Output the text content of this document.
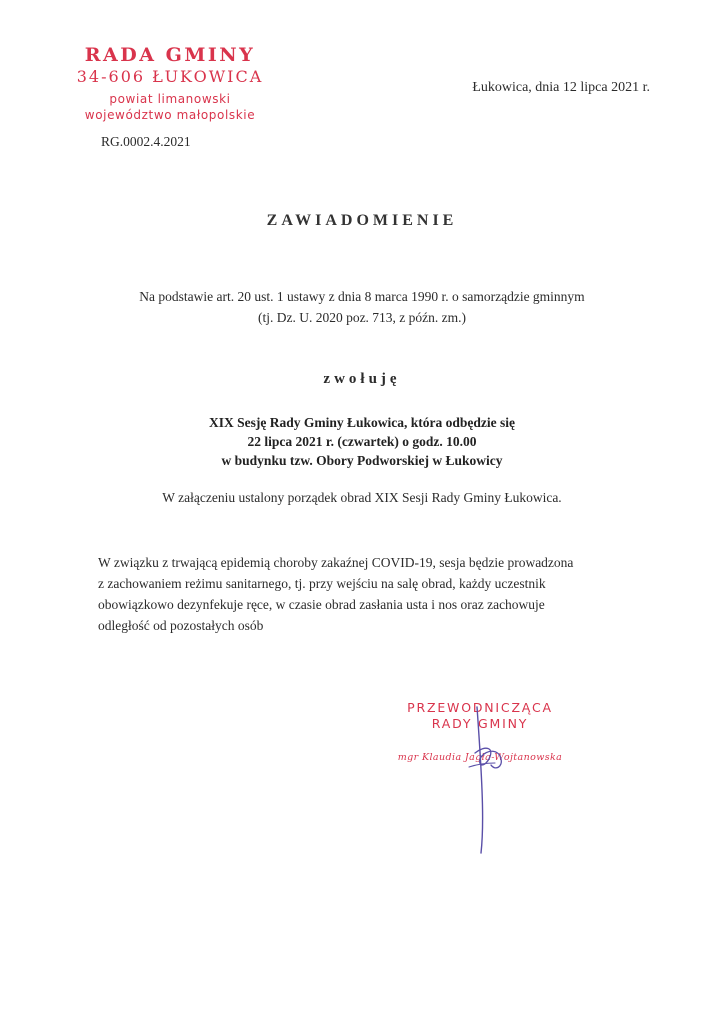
RADA GMINY
34-606 ŁUKOWICA
powiat limanowski
województwo małopolskie
Łukowica, dnia 12 lipca 2021 r.
RG.0002.4.2021
ZAWIADOMIENIE
Na podstawie art. 20 ust. 1 ustawy z dnia 8 marca 1990 r. o samorządzie gminnym
(tj. Dz. U. 2020 poz. 713, z późn. zm.)
zwołuję
XIX Sesję Rady Gminy Łukowica, która odbędzie się
22 lipca 2021 r. (czwartek) o godz. 10.00
w budynku tzw. Obory Podworskiej w Łukowicy
W załączeniu ustalony porządek obrad XIX Sesji Rady Gminy Łukowica.
W związku z trwającą epidemią choroby zakaźnej COVID-19, sesja będzie prowadzona
z zachowaniem reżimu sanitarnego, tj. przy wejściu na salę obrad, każdy uczestnik
obowiązkowo dezynfekuje ręce, w czasie obrad zasłania usta i nos oraz zachowuje
odległość od pozostałych osób
PRZEWODNICZĄCA
RADY GMINY
mgr Klaudia Jagła-Wojtanowska
